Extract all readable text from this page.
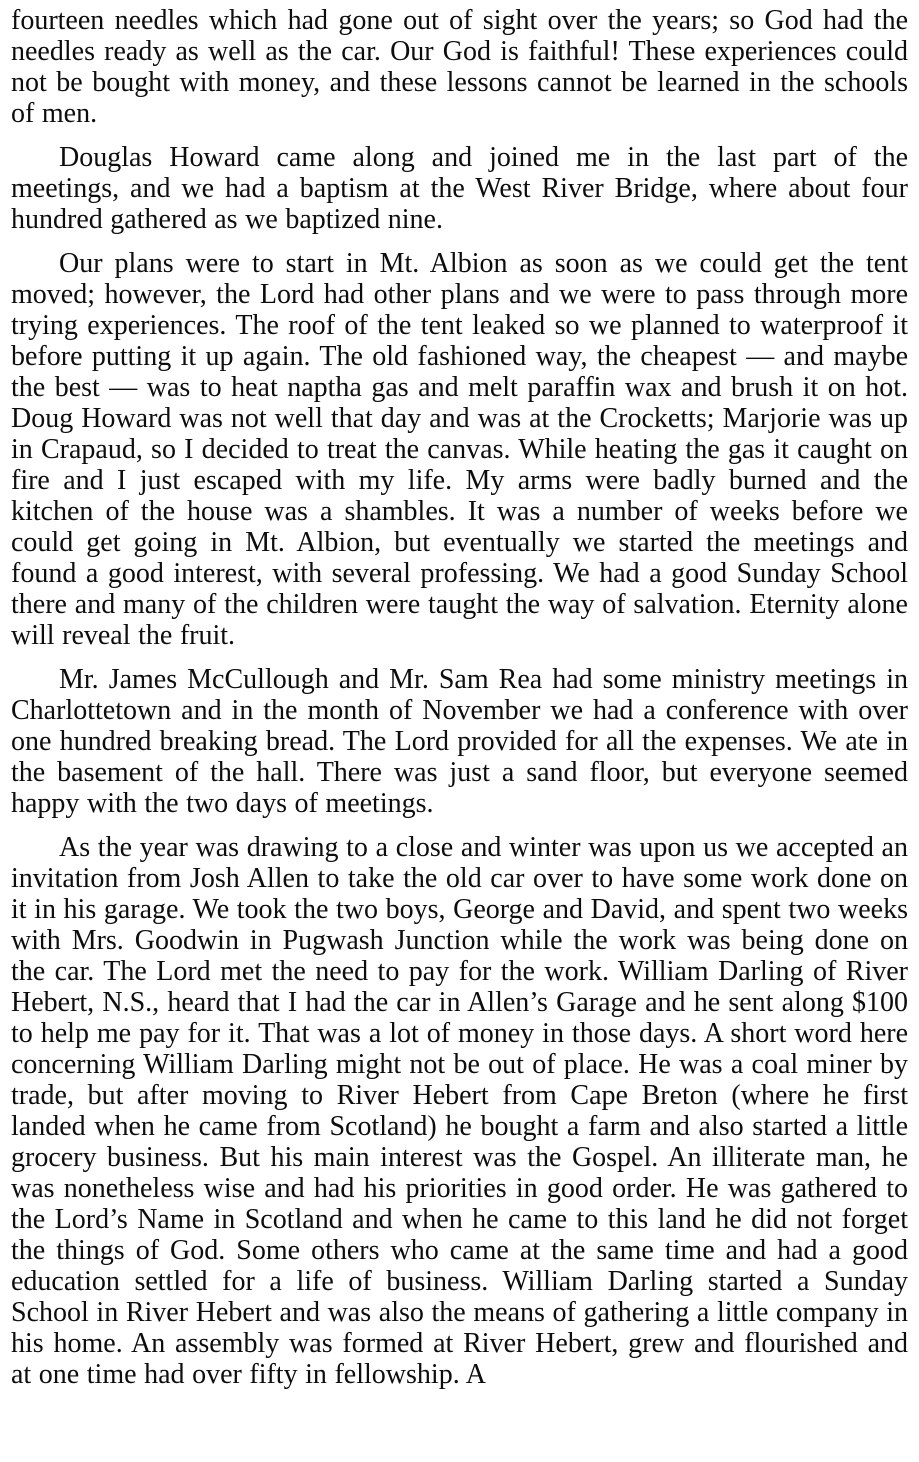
fourteen needles which had gone out of sight over the years; so God had the needles ready as well as the car. Our God is faithful! These experiences could not be bought with money, and these lessons cannot be learned in the schools of men.

Douglas Howard came along and joined me in the last part of the meetings, and we had a baptism at the West River Bridge, where about four hundred gathered as we baptized nine.

Our plans were to start in Mt. Albion as soon as we could get the tent moved; however, the Lord had other plans and we were to pass through more trying experiences. The roof of the tent leaked so we planned to waterproof it before putting it up again. The old fashioned way, the cheapest — and maybe the best — was to heat naptha gas and melt paraffin wax and brush it on hot. Doug Howard was not well that day and was at the Crocketts; Marjorie was up in Crapaud, so I decided to treat the canvas. While heating the gas it caught on fire and I just escaped with my life. My arms were badly burned and the kitchen of the house was a shambles. It was a number of weeks before we could get going in Mt. Albion, but eventually we started the meetings and found a good interest, with several professing. We had a good Sunday School there and many of the children were taught the way of salvation. Eternity alone will reveal the fruit.

Mr. James McCullough and Mr. Sam Rea had some ministry meetings in Charlottetown and in the month of November we had a conference with over one hundred breaking bread. The Lord provided for all the expenses. We ate in the basement of the hall. There was just a sand floor, but everyone seemed happy with the two days of meetings.

As the year was drawing to a close and winter was upon us we accepted an invitation from Josh Allen to take the old car over to have some work done on it in his garage. We took the two boys, George and David, and spent two weeks with Mrs. Goodwin in Pugwash Junction while the work was being done on the car. The Lord met the need to pay for the work. William Darling of River Hebert, N.S., heard that I had the car in Allen’s Garage and he sent along $100 to help me pay for it. That was a lot of money in those days. A short word here concerning William Darling might not be out of place. He was a coal miner by trade, but after moving to River Hebert from Cape Breton (where he first landed when he came from Scotland) he bought a farm and also started a little grocery business. But his main interest was the Gospel. An illiterate man, he was nonetheless wise and had his priorities in good order. He was gathered to the Lord’s Name in Scotland and when he came to this land he did not forget the things of God. Some others who came at the same time and had a good education settled for a life of business. William Darling started a Sunday School in River Hebert and was also the means of gathering a little company in his home. An assembly was formed at River Hebert, grew and flourished and at one time had over fifty in fellowship. A
